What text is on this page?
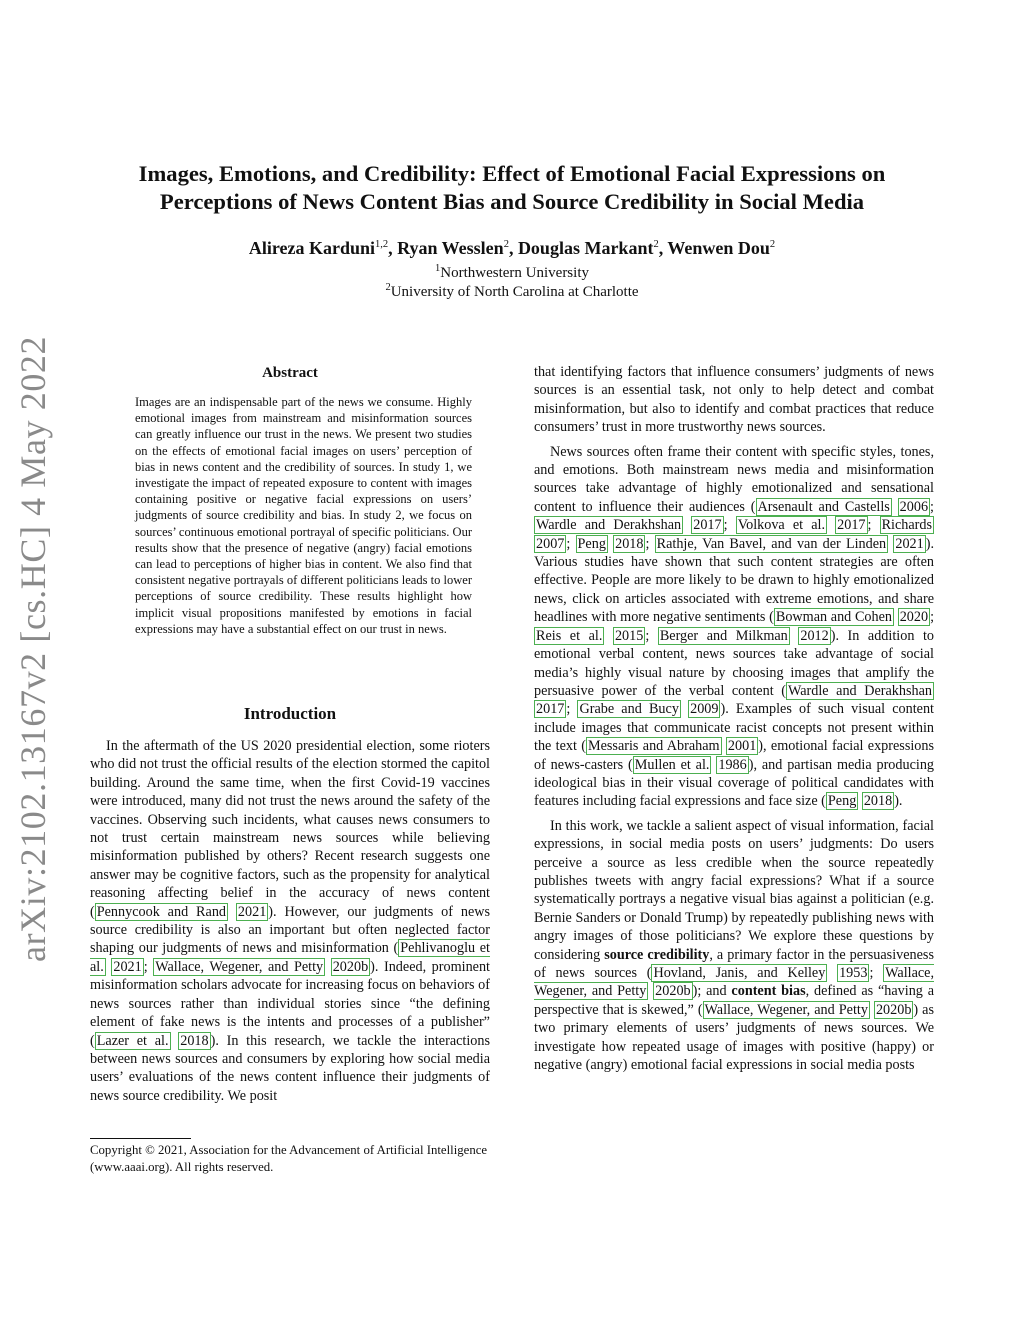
arXiv:2102.13167v2 [cs.HC] 4 May 2022
Images, Emotions, and Credibility: Effect of Emotional Facial Expressions on Perceptions of News Content Bias and Source Credibility in Social Media
Alireza Karduni$^{1,2}$, Ryan Wesslen$^2$, Douglas Markant$^2$, Wenwen Dou$^2$
$^1$Northwestern University
$^2$University of North Carolina at Charlotte
Abstract
Images are an indispensable part of the news we consume. Highly emotional images from mainstream and misinformation sources can greatly influence our trust in the news. We present two studies on the effects of emotional facial images on users’ perception of bias in news content and the credibility of sources. In study 1, we investigate the impact of repeated exposure to content with images containing positive or negative facial expressions on users’ judgments of source credibility and bias. In study 2, we focus on sources’ continuous emotional portrayal of specific politicians. Our results show that the presence of negative (angry) facial emotions can lead to perceptions of higher bias in content. We also find that consistent negative portrayals of different politicians leads to lower perceptions of source credibility. These results highlight how implicit visual propositions manifested by emotions in facial expressions may have a substantial effect on our trust in news.
Introduction

In the aftermath of the US 2020 presidential election, some rioters who did not trust the official results of the election stormed the capitol building. Around the same time, when the first Covid-19 vaccines were introduced, many did not trust the news around the safety of the vaccines. Observing such incidents, what causes news consumers to not trust certain mainstream news sources while believing misinformation published by others? Recent research suggests one answer may be cognitive factors, such as the propensity for analytical reasoning affecting belief in the accuracy of news content ( Pennycook and Rand 2021 ). However, our judgments of news source credibility is also an important but often neglected factor shaping our judgments of news and misinformation ( Pehlivanoglu et al. 2021 ; Wallace, Wegener, and Petty 2020b ). Indeed, prominent misinformation scholars advocate for increasing focus on behaviors of news sources rather than individual stories since “the defining element of fake news is the intents and processes of a publisher” ( Lazer et al. 2018 ). In this research, we tackle the interactions between news sources and consumers by exploring how social media users’ evaluations of the news content influence their judgments of news source credibility. We posit

Copyright © 2021, Association for the Advancement of Artificial Intelligence (www.aaai.org). All rights reserved.

that identifying factors that influence consumers’ judgments of news sources is an essential task, not only to help detect and combat misinformation, but also to identify and combat practices that reduce consumers’ trust in more trustworthy news sources.

News sources often frame their content with specific styles, tones, and emotions. Both mainstream news media and misinformation sources take advantage of highly emotionalized and sensational content to influence their audiences ( Arsenault and Castells 2006 ; Wardle and Derakhshan 2017 ; Volkova et al. 2017 ; Richards 2007 ; Peng 2018 ; Rathje, Van Bavel, and van der Linden 2021 ). Various studies have shown that such content strategies are often effective. People are more likely to be drawn to highly emotionalized news, click on articles associated with extreme emotions, and share headlines with more negative sentiments ( Bowman and Cohen 2020 ; Reis et al. 2015 ; Berger and Milkman 2012 ). In addition to emotional verbal content, news sources take advantage of social media’s highly visual nature by choosing images that amplify the persuasive power of the verbal content ( Wardle and Derakhshan 2017 ; Grabe and Bucy 2009 ). Examples of such visual content include images that communicate racist concepts not present within the text ( Messaris and Abraham 2001 ), emotional facial expressions of news-casters ( Mullen et al. 1986 ), and partisan media producing ideological bias in their visual coverage of political candidates with features including facial expressions and face size ( Peng 2018 ).

In this work, we tackle a salient aspect of visual information, facial expressions, in social media posts on users’ judgments: Do users perceive a source as less credible when the source repeatedly publishes tweets with angry facial expressions? What if a source systematically portrays a negative visual bias against a politician (e.g. Bernie Sanders or Donald Trump) by repeatedly publishing news with angry images of those politicians? We explore these questions by considering source credibility, a primary factor in the persuasiveness of news sources ( Hovland, Janis, and Kelley 1953 ; Wallace, Wegener, and Petty 2020b ); and content bias, defined as “having a perspective that is skewed,” ( Wallace, Wegener, and Petty 2020b ) as two primary elements of users’ judgments of news sources. We investigate how repeated usage of images with positive (happy) or negative (angry) emotional facial expressions in social media posts
